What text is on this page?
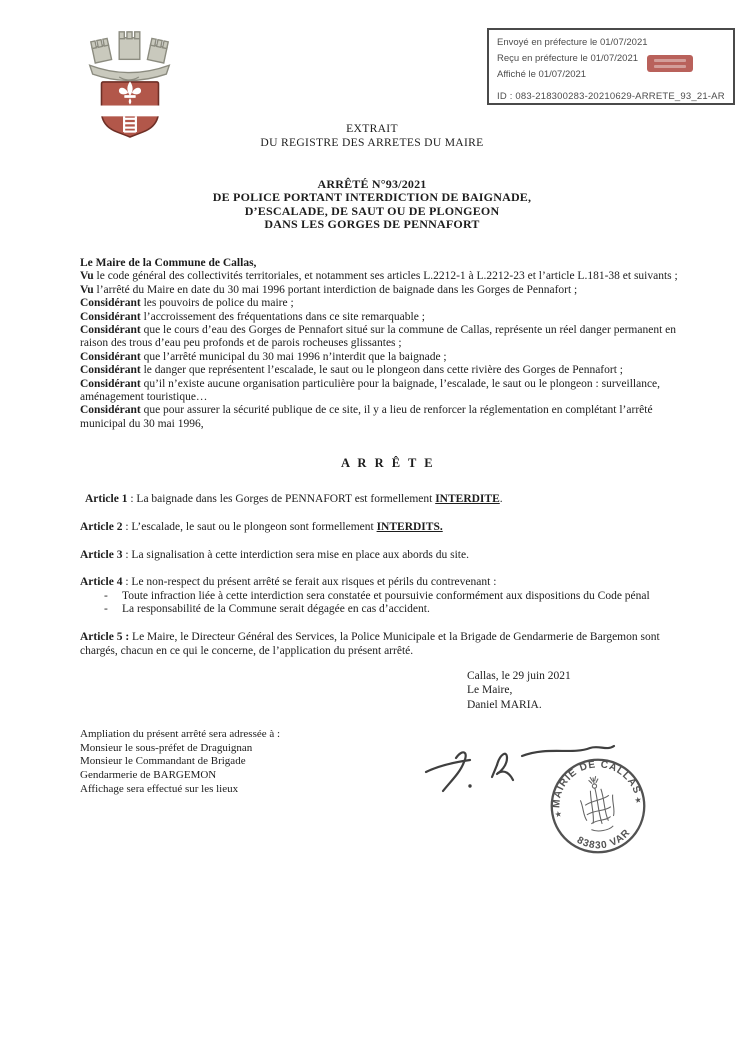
Envoyé en préfecture le 01/07/2021
Reçu en préfecture le 01/07/2021
Affiché le 01/07/2021
ID : 083-218300283-20210629-ARRETE_93_21-AR
EXTRAIT
DU REGISTRE DES ARRETES DU MAIRE
ARRÊTÉ N°93/2021
DE POLICE PORTANT INTERDICTION DE BAIGNADE,
D’ESCALADE, DE SAUT OU DE PLONGEON
DANS LES GORGES DE PENNAFORT

Le Maire de la Commune de Callas,

Vu le code général des collectivités territoriales, et notamment ses articles L.2212-1 à L.2212-23 et l’article L.181-38 et suivants ;

Vu l’arrêté du Maire en date du 30 mai 1996 portant interdiction de baignade dans les Gorges de Pennafort ;

Considérant les pouvoirs de police du maire ;

Considérant l’accroissement des fréquentations dans ce site remarquable ;

Considérant que le cours d’eau des Gorges de Pennafort situé sur la commune de Callas, représente un réel danger permanent en raison des trous d’eau peu profonds et de parois rocheuses glissantes ;

Considérant que l’arrêté municipal du 30 mai 1996 n’interdit que la baignade ;

Considérant le danger que représentent l’escalade, le saut ou le plongeon dans cette rivière des Gorges de Pennafort ;

Considérant qu’il n’existe aucune organisation particulière pour la baignade, l’escalade, le saut ou le plongeon : surveillance, aménagement touristique…

Considérant que pour assurer la sécurité publique de ce site, il y a lieu de renforcer la réglementation en complétant l’arrêté municipal du 30 mai 1996,

A R R Ê T E

Article 1 : La baignade dans les Gorges de PENNAFORT est formellement INTERDITE.

Article 2 : L’escalade, le saut ou le plongeon sont formellement INTERDITS.

Article 3 : La signalisation à cette interdiction sera mise en place aux abords du site.

Article 4 : Le non-respect du présent arrêté se ferait aux risques et périls du contrevenant :

-	Toute infraction liée à cette interdiction sera constatée et poursuivie conformément aux dispositions du Code pénal
-	La responsabilité de la Commune serait dégagée en cas d’accident.

Article 5 : Le Maire, le Directeur Général des Services, la Police Municipale et la Brigade de Gendarmerie de Bargemon sont chargés, chacun en ce qui le concerne, de l’application du présent arrêté.

Callas, le 29 juin 2021
Le Maire,
Daniel MARIA.
Ampliation du présent arrêté sera adressée à :
Monsieur le sous-préfet de Draguignan
Monsieur le Commandant de Brigade
Gendarmerie de BARGEMON
Affichage sera effectué sur les lieux
MAIRIE DE CALLAS
83830 VAR
★
★
